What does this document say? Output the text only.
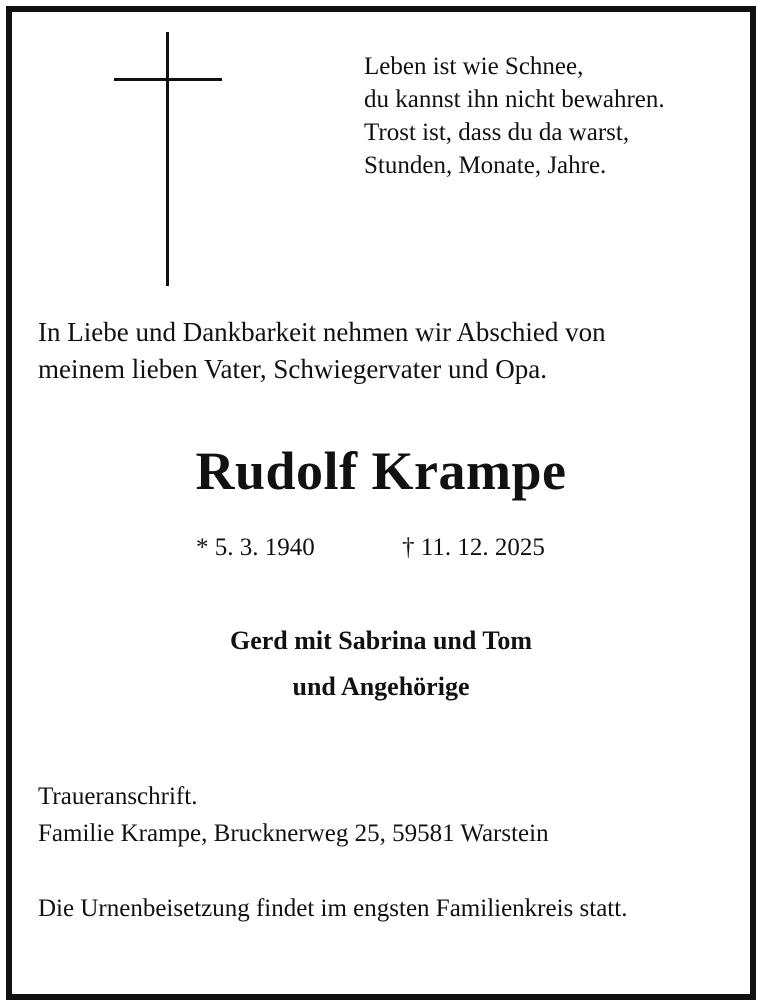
Leben ist wie Schnee,
du kannst ihn nicht bewahren.
Trost ist, dass du da warst,
Stunden, Monate, Jahre.
In Liebe und Dankbarkeit nehmen wir Abschied von
meinem lieben Vater, Schwiegervater und Opa.
Rudolf Krampe
* 5. 3. 1940	† 11. 12. 2025
Gerd mit Sabrina und Tom
und Angehörige
Traueranschrift.
Familie Krampe, Brucknerweg 25, 59581 Warstein
Die Urnenbeisetzung findet im engsten Familienkreis statt.
